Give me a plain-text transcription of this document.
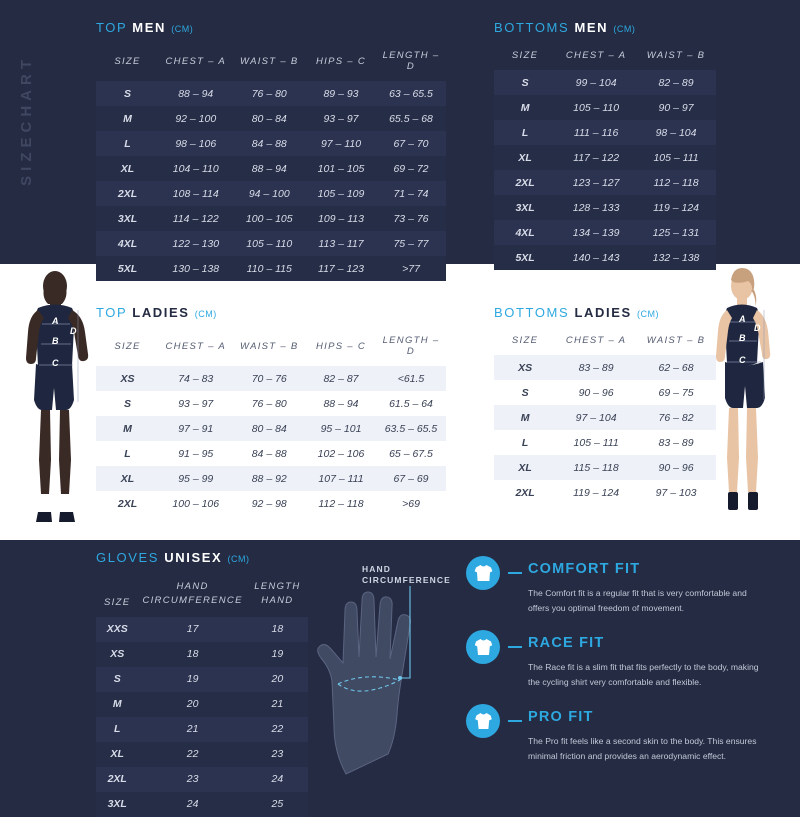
SIZECHART
TOP MEN (CM)
SIZE	CHEST – A	WAIST – B	HIPS – C	LENGTH – D
S	88 – 94	76 – 80	89 – 93	63 – 65.5
M	92 – 100	80 – 84	93 – 97	65.5 – 68
L	98 – 106	84 – 88	97 – 110	67 – 70
XL	104 – 110	88 – 94	101 – 105	69 – 72
2XL	108 – 114	94 – 100	105 – 109	71 – 74
3XL	114 – 122	100 – 105	109 – 113	73 – 76
4XL	122 – 130	105 – 110	113 – 117	75 – 77
5XL	130 – 138	110 – 115	117 – 123	>77
BOTTOMS MEN (CM)
SIZE	CHEST – A	WAIST – B
S	99 – 104	82 – 89
M	105 – 110	90 – 97
L	111 – 116	98 – 104
XL	117 – 122	105 – 111
2XL	123 – 127	112 – 118
3XL	128 – 133	119 – 124
4XL	134 – 139	125 – 131
5XL	140 – 143	132 – 138
A
B
C
D
A
B
C
D
TOP LADIES (CM)
SIZE	CHEST – A	WAIST – B	HIPS – C	LENGTH – D
XS	74 – 83	70 – 76	82 – 87	<61.5
S	93 – 97	76 – 80	88 – 94	61.5 – 64
M	97 – 91	80 – 84	95 – 101	63.5 – 65.5
L	91 – 95	84 – 88	102 – 106	65 – 67.5
XL	95 – 99	88 – 92	107 – 111	67 – 69
2XL	100 – 106	92 – 98	112 – 118	>69
BOTTOMS LADIES (CM)
SIZE	CHEST – A	WAIST – B
XS	83 – 89	62 – 68
S	90 – 96	69 – 75
M	97 – 104	76 – 82
L	105 – 111	83 – 89
XL	115 – 118	90 – 96
2XL	119 – 124	97 – 103
GLOVES UNISEX (CM)
SIZE	HAND CIRCUMFERENCE	LENGTH HAND
XXS	17	18
XS	18	19
S	19	20
M	20	21
L	21	22
XL	22	23
2XL	23	24
3XL	24	25
HAND CIRCUMFERENCE
COMFORT FIT
The Comfort fit is a regular fit that is very comfortable and offers you optimal freedom of movement.
RACE FIT
The Race fit is a slim fit that fits perfectly to the body, making the cycling shirt very comfortable and flexible.
PRO FIT
The Pro fit feels like a second skin to the body. This ensures minimal friction and provides an aerodynamic effect.
